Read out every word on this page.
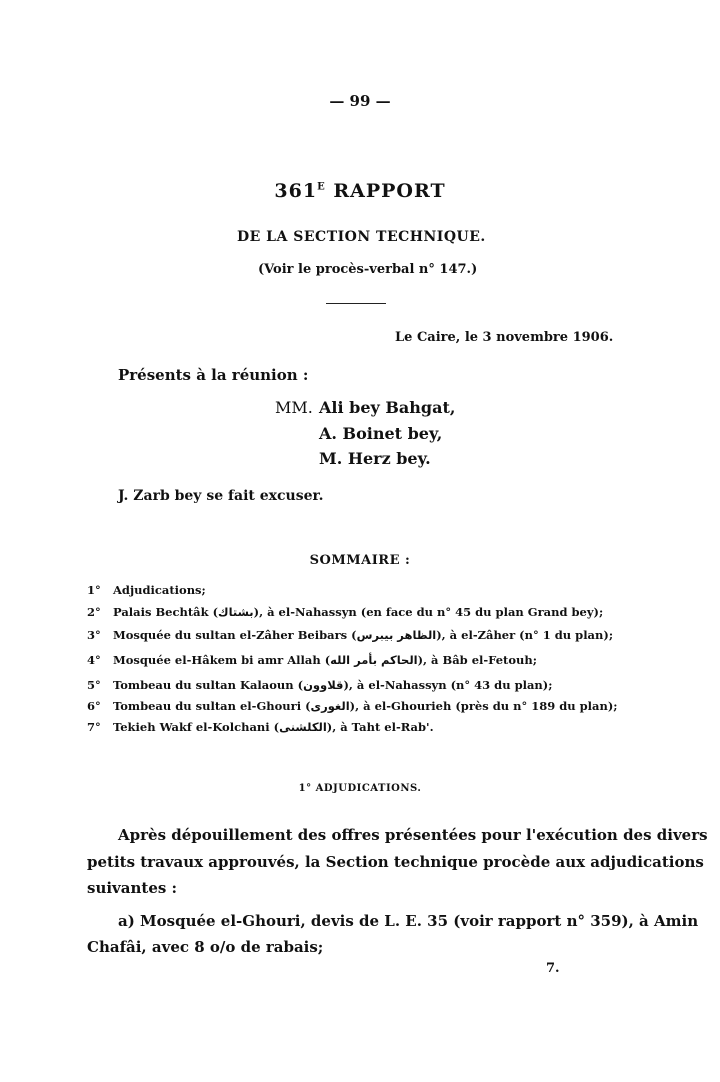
— 99 —
$361^E$ RAPPORT
DE LA SECTION TECHNIQUE.
(Voir le procès-verbal n° 147.)
Le Caire, le 3 novembre 1906.
Présents à la réunion :
MM. Ali bey Bahgat,
A. Boinet bey,
M. Herz bey.
J. Zarb bey se fait excuser.
SOMMAIRE :
1° Adjudications;
2° Palais Bechtâk (بشتاك), à el-Nahassyn (en face du n° 45 du plan Grand bey);
3° Mosquée du sultan el-Zâher Beibars (الظاهر بيبرس), à el-Zâher (n° 1 du plan);
4° Mosquée el-Hâkem bi amr Allah (الحاكم بأمر الله), à Bâb el-Fetouh;
5° Tombeau du sultan Kalaoun (قلاوون), à el-Nahassyn (n° 43 du plan);
6° Tombeau du sultan el-Ghouri (الغورى), à el-Ghourieh (près du n° 189 du plan);
7° Tekieh Wakf el-Kolchani (الكلشنى), à Taht el-Rab'.
1° ADJUDICATIONS.
Après dépouillement des offres présentées pour l'exécution des divers
petits travaux approuvés, la Section technique procède aux adjudications
suivantes :
a) Mosquée el-Ghouri, devis de L. E. 35 (voir rapport n° 359), à Amin
Chafâi, avec 8 o/o de rabais;
7.
